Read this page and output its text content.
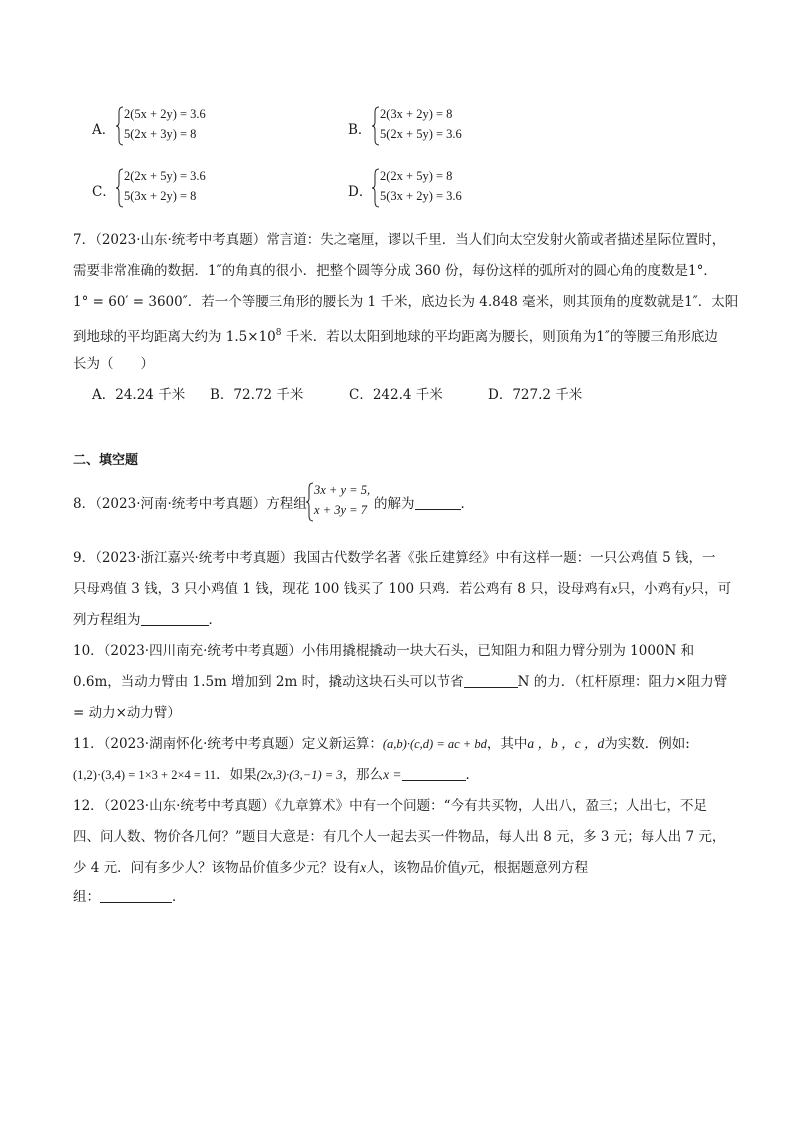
A．
2(5x + 2y) = 3.6
5(2x + 3y) = 8	B．
2(3x + 2y) = 8
5(2x + 5y) = 3.6
C．
2(2x + 5y) = 3.6
5(3x + 2y) = 8	D．
2(2x + 5y) = 8
5(3x + 2y) = 3.6
7．（2023·山东·统考中考真题）常言道：失之毫厘，谬以千里．当人们向太空发射火箭或者描述星际位置时，
需要非常准确的数据．1″的角真的很小．把整个圆等分成 360 份，每份这样的弧所对的圆心角的度数是1°．
1° = 60′ = 3600″．若一个等腰三角形的腰长为 1 千米，底边长为 4.848 毫米，则其顶角的度数就是1″．太阳
到地球的平均距离大约为 $1.5\times 10^8$ 千米．若以太阳到地球的平均距离为腰长，则顶角为1″的等腰三角形底边
长为（　　）
A．24.24 千米 B．72.72 千米	C．242.4 千米	D．727.2 千米
二、填空题
8．（2023·河南·统考中考真题）方程组
3x + y = 5,
x + 3y = 7 的解为	．
9．（2023·浙江嘉兴·统考中考真题）我国古代数学名著《张丘建算经》中有这样一题：一只公鸡值 5 钱，一
只母鸡值 3 钱，3 只小鸡值 1 钱，现花 100 钱买了 100 只鸡．若公鸡有 8 只，设母鸡有x只，小鸡有y只，可
列方程组为	．
10．（2023·四川南充·统考中考真题）小伟用撬棍撬动一块大石头，已知阻力和阻力臂分别为 1000N 和
0.6m，当动力臂由 1.5m 增加到 2m 时，撬动这块石头可以节省	N 的力．（杠杆原理：阻力×阻力臂
= 动力×动力臂）
11．（2023·湖南怀化·统考中考真题）定义新运算：(a,b)·(c,d) = ac + bd，其中a ，b ，c ，d为实数．例如:
(1,2)·(3,4) = 1×3 + 2×4 = 11．如果(2x,3)·(3,−1) = 3，那么x =	．
12．（2023·山东·统考中考真题）《九章算术》中有一个问题：“今有共买物，人出八，盈三；人出七，不足
四、问人数、物价各几何？”题目大意是：有几个人一起去买一件物品，每人出 8 元，多 3 元；每人出 7 元，
少 4 元．问有多少人？该物品价值多少元？设有x人，该物品价值y元，根据题意列方程
组：	．
